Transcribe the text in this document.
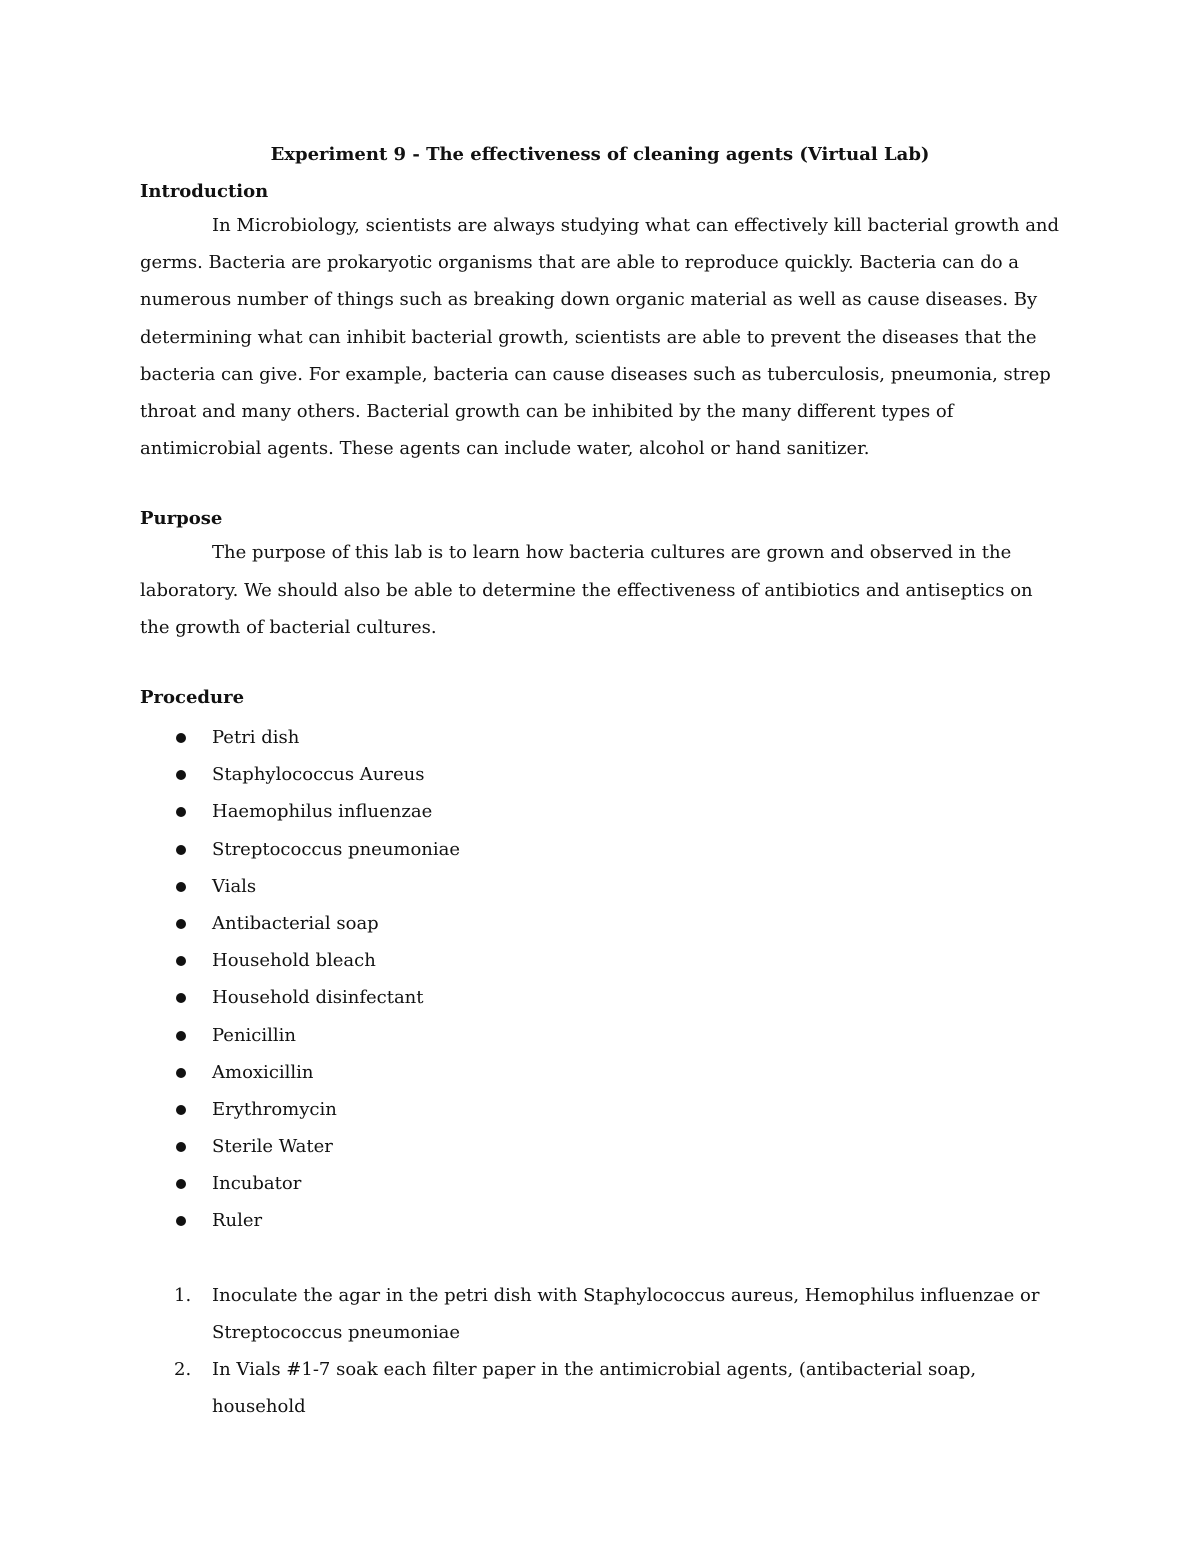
Experiment 9 - The effectiveness of cleaning agents (Virtual Lab)

Introduction

In Microbiology, scientists are always studying what can effectively kill bacterial growth and germs. Bacteria are prokaryotic organisms that are able to reproduce quickly. Bacteria can do a numerous number of things such as breaking down organic material as well as cause diseases. By determining what can inhibit bacterial growth, scientists are able to prevent the diseases that the bacteria can give. For example, bacteria can cause diseases such as tuberculosis, pneumonia, strep throat and many others. Bacterial growth can be inhibited by the many different types of antimicrobial agents. These agents can include water, alcohol or hand sanitizer.

Purpose

The purpose of this lab is to learn how bacteria cultures are grown and observed in the laboratory. We should also be able to determine the effectiveness of antibiotics and antiseptics on the growth of bacterial cultures.

Procedure

Petri dish
Staphylococcus Aureus
Haemophilus influenzae
Streptococcus pneumoniae
Vials
Antibacterial soap
Household bleach
Household disinfectant
Penicillin
Amoxicillin
Erythromycin
Sterile Water
Incubator
Ruler
1. Inoculate the agar in the petri dish with Staphylococcus aureus, Hemophilus influenzae or Streptococcus pneumoniae
2. In Vials #1-7 soak each filter paper in the antimicrobial agents, (antibacterial soap, household
